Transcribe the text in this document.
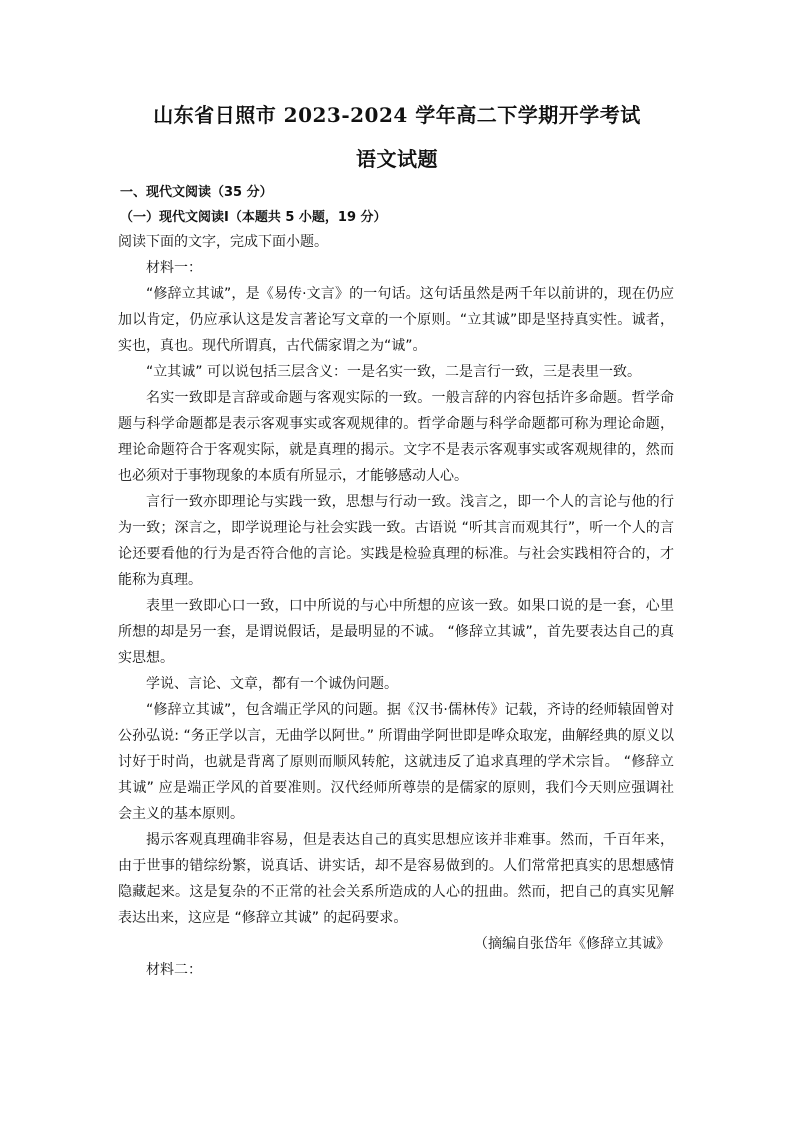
山东省日照市 2023-2024 学年高二下学期开学考试
语文试题
一、现代文阅读（35 分）
（一）现代文阅读Ⅰ（本题共 5 小题，19 分）

阅读下面的文字，完成下面小题。

材料一：

“修辞立其诚”，是《易传·文言》的一句话。这句话虽然是两千年以前讲的，现在仍应加以肯定，仍应承认这是发言著论写文章的一个原则。“立其诚”即是坚持真实性。诚者，实也，真也。现代所谓真，古代儒家谓之为“诚”。

“立其诚” 可以说包括三层含义：一是名实一致，二是言行一致，三是表里一致。

名实一致即是言辞或命题与客观实际的一致。一般言辞的内容包括许多命题。哲学命题与科学命题都是表示客观事实或客观规律的。哲学命题与科学命题都可称为理论命题，理论命题符合于客观实际，就是真理的揭示。文字不是表示客观事实或客观规律的，然而也必须对于事物现象的本质有所显示，才能够感动人心。

言行一致亦即理论与实践一致，思想与行动一致。浅言之，即一个人的言论与他的行为一致；深言之，即学说理论与社会实践一致。古语说 “听其言而观其行”，听一个人的言论还要看他的行为是否符合他的言论。实践是检验真理的标准。与社会实践相符合的，才能称为真理。

表里一致即心口一致，口中所说的与心中所想的应该一致。如果口说的是一套，心里所想的却是另一套，是谓说假话，是最明显的不诚。 “修辞立其诚”，首先要表达自己的真实思想。

学说、言论、文章，都有一个诚伪问题。

“修辞立其诚”，包含端正学风的问题。据《汉书·儒林传》记载，齐诗的经师辕固曾对公孙弘说: “务正学以言，无曲学以阿世。” 所谓曲学阿世即是哗众取宠，曲解经典的原义以讨好于时尚，也就是背离了原则而顺风转舵，这就违反了追求真理的学术宗旨。 “修辞立其诚” 应是端正学风的首要准则。汉代经师所尊崇的是儒家的原则，我们今天则应强调社会主义的基本原则。

揭示客观真理确非容易，但是表达自己的真实思想应该并非难事。然而，千百年来，由于世事的错综纷繁，说真话、讲实话，却不是容易做到的。人们常常把真实的思想感情隐藏起来。这是复杂的不正常的社会关系所造成的人心的扭曲。然而，把自己的真实见解表达出来，这应是 “修辞立其诚” 的起码要求。

（摘编自张岱年《修辞立其诚》

材料二：
